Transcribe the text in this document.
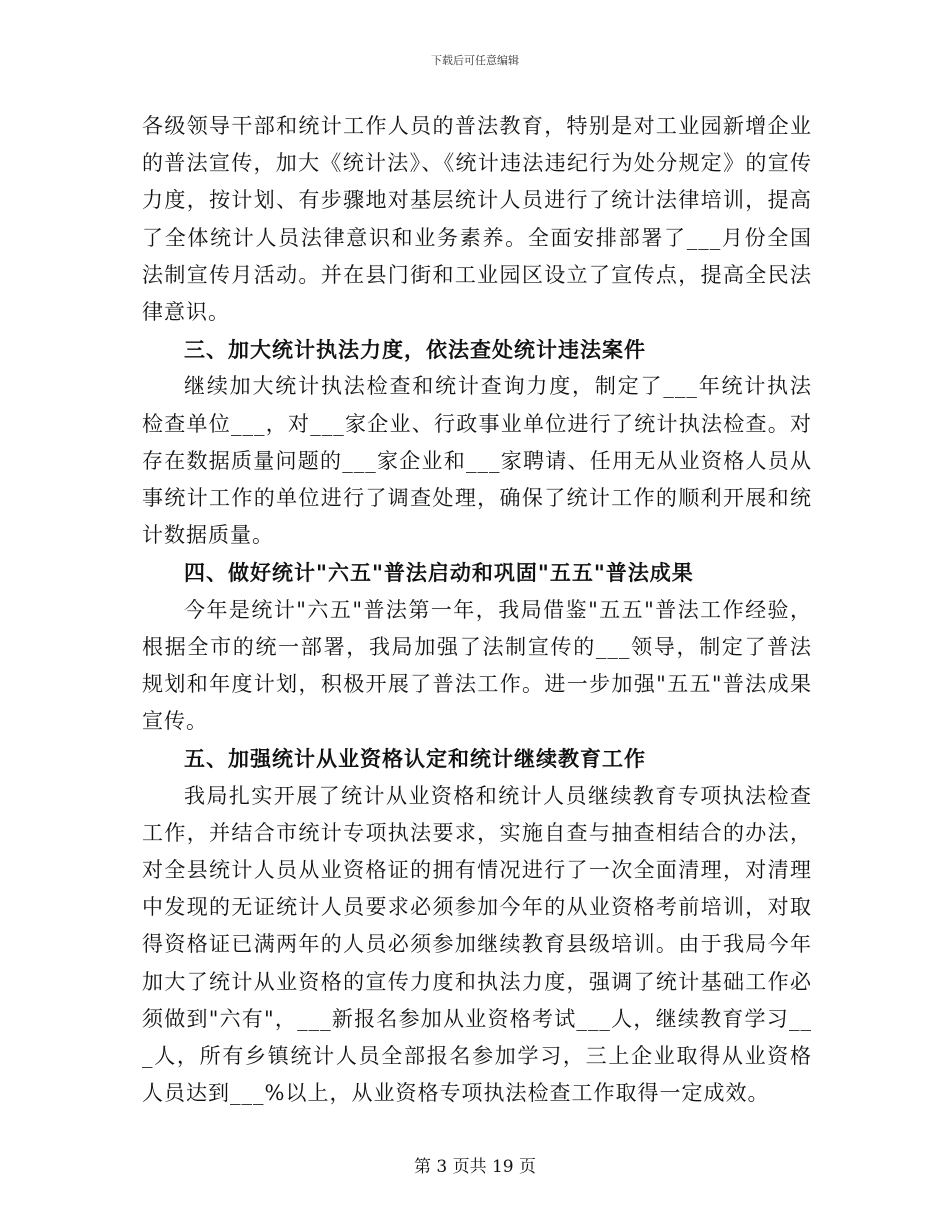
下载后可任意编辑

各级领导干部和统计工作人员的普法教育，特别是对工业园新增企业的普法宣传，加大《统计法》、《统计违法违纪行为处分规定》的宣传力度，按计划、有步骤地对基层统计人员进行了统计法律培训，提高了全体统计人员法律意识和业务素养。全面安排部署了___月份全国法制宣传月活动。并在县门街和工业园区设立了宣传点，提高全民法律意识。

三、加大统计执法力度，依法查处统计违法案件

继续加大统计执法检查和统计查询力度，制定了___年统计执法检查单位___，对___家企业、行政事业单位进行了统计执法检查。对存在数据质量问题的___家企业和___家聘请、任用无从业资格人员从事统计工作的单位进行了调查处理，确保了统计工作的顺利开展和统计数据质量。

四、做好统计"六五"普法启动和巩固"五五"普法成果

今年是统计"六五"普法第一年，我局借鉴"五五"普法工作经验，根据全市的统一部署，我局加强了法制宣传的___领导，制定了普法规划和年度计划，积极开展了普法工作。进一步加强"五五"普法成果宣传。

五、加强统计从业资格认定和统计继续教育工作

我局扎实开展了统计从业资格和统计人员继续教育专项执法检查工作，并结合市统计专项执法要求，实施自查与抽查相结合的办法，对全县统计人员从业资格证的拥有情况进行了一次全面清理，对清理中发现的无证统计人员要求必须参加今年的从业资格考前培训，对取得资格证已满两年的人员必须参加继续教育县级培训。由于我局今年加大了统计从业资格的宣传力度和执法力度，强调了统计基础工作必须做到"六有"，___新报名参加从业资格考试___人，继续教育学习___人，所有乡镇统计人员全部报名参加学习，三上企业取得从业资格人员达到___%以上，从业资格专项执法检查工作取得一定成效。

第 3 页共 19 页
